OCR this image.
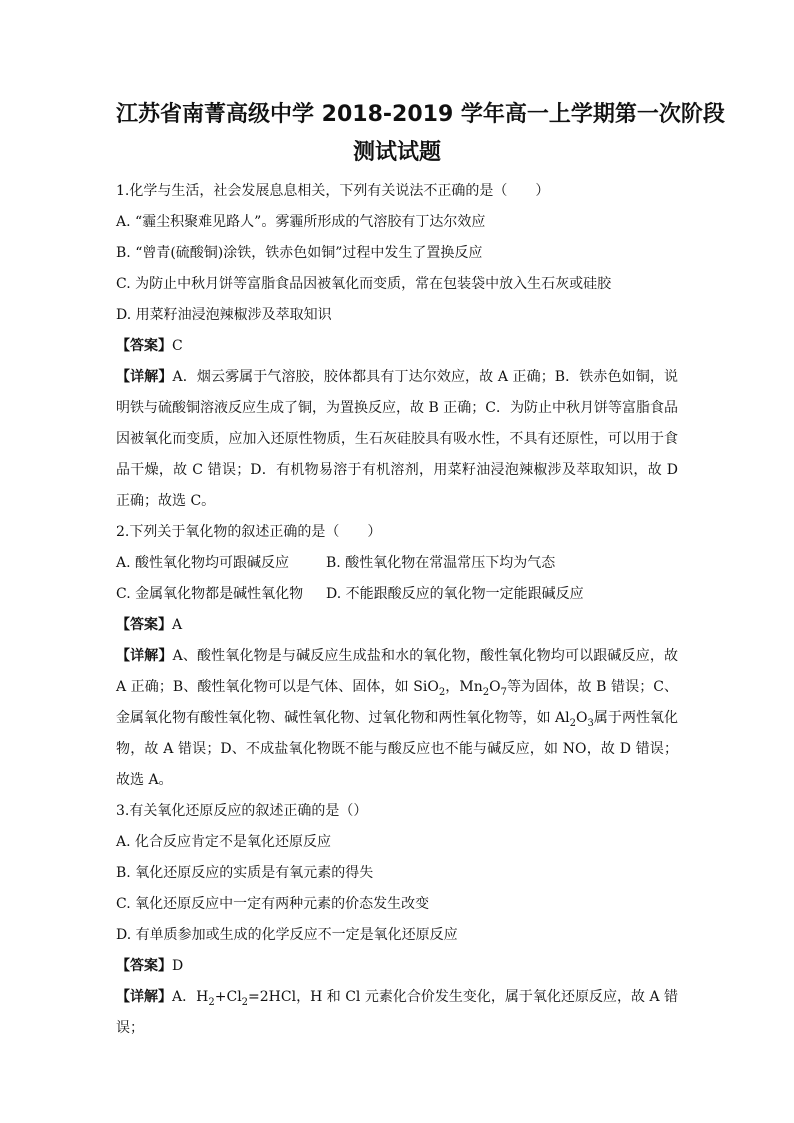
江苏省南菁高级中学 2018-2019 学年高一上学期第一次阶段
测试试题

1.化学与生活，社会发展息息相关，下列有关说法不正确的是（　　）

A. “霾尘积聚难见路人”。雾霾所形成的气溶胶有丁达尔效应

B. “曾青(硫酸铜)涂铁，铁赤色如铜”过程中发生了置换反应

C. 为防止中秋月饼等富脂食品因被氧化而变质，常在包装袋中放入生石灰或硅胶

D. 用菜籽油浸泡辣椒涉及萃取知识

【答案】C

【详解】A．烟云雾属于气溶胶，胶体都具有丁达尔效应，故 A 正确；B．铁赤色如铜，说明铁与硫酸铜溶液反应生成了铜，为置换反应，故 B 正确；C．为防止中秋月饼等富脂食品因被氧化而变质，应加入还原性物质，生石灰硅胶具有吸水性，不具有还原性，可以用于食品干燥，故 C 错误；D．有机物易溶于有机溶剂，用菜籽油浸泡辣椒涉及萃取知识，故 D 正确；故选 C。

2.下列关于氧化物的叙述正确的是（　　）

A. 酸性氧化物均可跟碱反应	B. 酸性氧化物在常温常压下均为气态
C. 金属氧化物都是碱性氧化物	D. 不能跟酸反应的氧化物一定能跟碱反应

【答案】A

【详解】A、酸性氧化物是与碱反应生成盐和水的氧化物，酸性氧化物均可以跟碱反应，故 A 正确；B、酸性氧化物可以是气体、固体，如 SiO$_2$，$Mn_2O_7$等为固体，故 B 错误；C、金属氧化物有酸性氧化物、碱性氧化物、过氧化物和两性氧化物等，如 $Al_2O_3$属于两性氧化物，故 A 错误；D、不成盐氧化物既不能与酸反应也不能与碱反应，如 NO，故 D 错误；故选 A。

3.有关氧化还原反应的叙述正确的是（）

A. 化合反应肯定不是氧化还原反应

B. 氧化还原反应的实质是有氧元素的得失

C. 氧化还原反应中一定有两种元素的价态发生改变

D. 有单质参加或生成的化学反应不一定是氧化还原反应

【答案】D

【详解】A．$H_2+Cl_2=2HCl$，H 和 Cl 元素化合价发生变化，属于氧化还原反应，故 A 错误；
